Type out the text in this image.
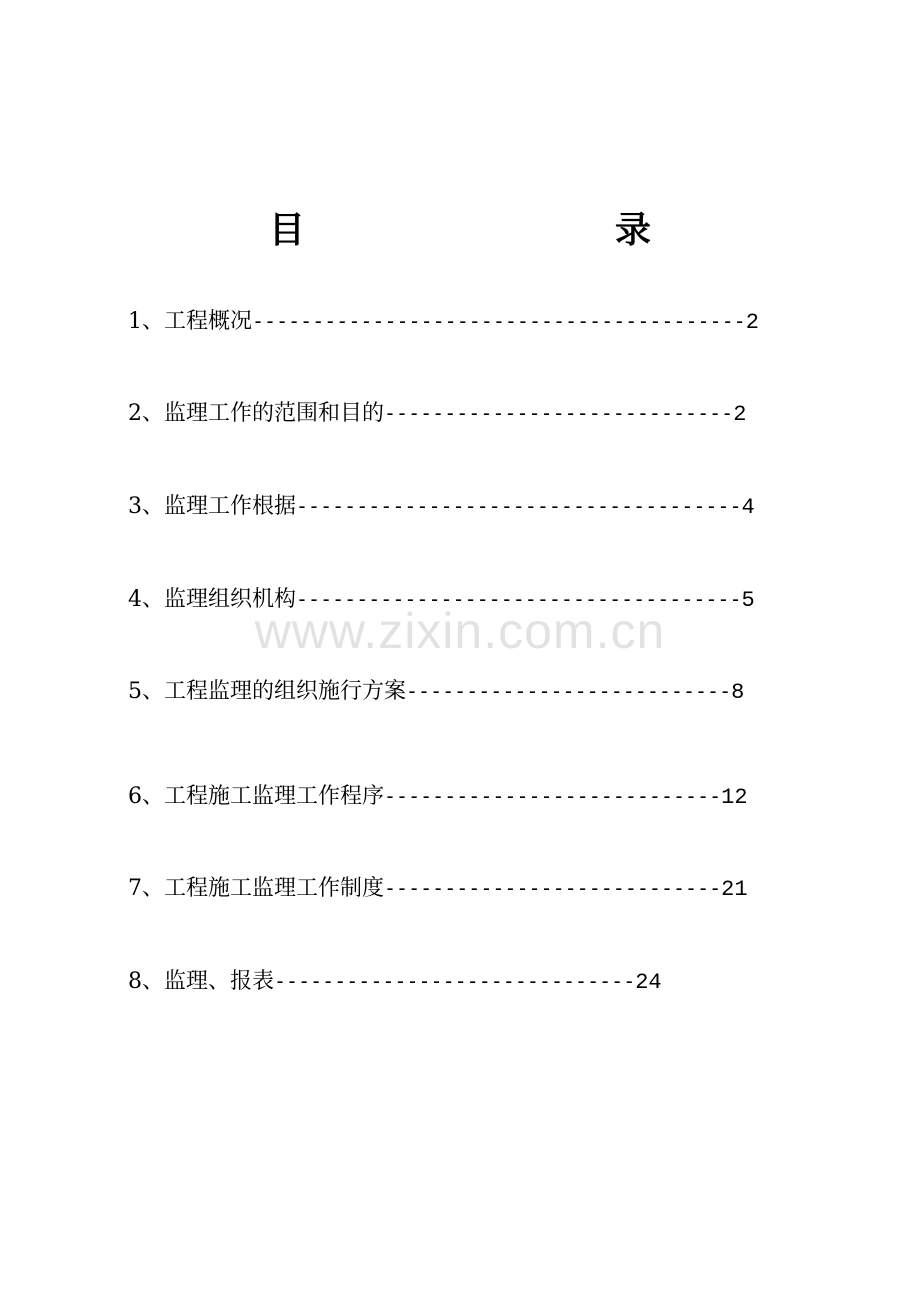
目    录
1、工程概况 ----------------------------------------- 2
2、监理工作的范围和目的 ----------------------------- 2
3、监理工作根据 ------------------------------------- 4
4、监理组织机构 ------------------------------------- 5
5、工程监理的组织施行方案 --------------------------- 8
6、工程施工监理工作程序 ---------------------------- 12
7、工程施工监理工作制度 ---------------------------- 21
8、监理、报表 ------------------------------ 24
www.zixin.com.cn
